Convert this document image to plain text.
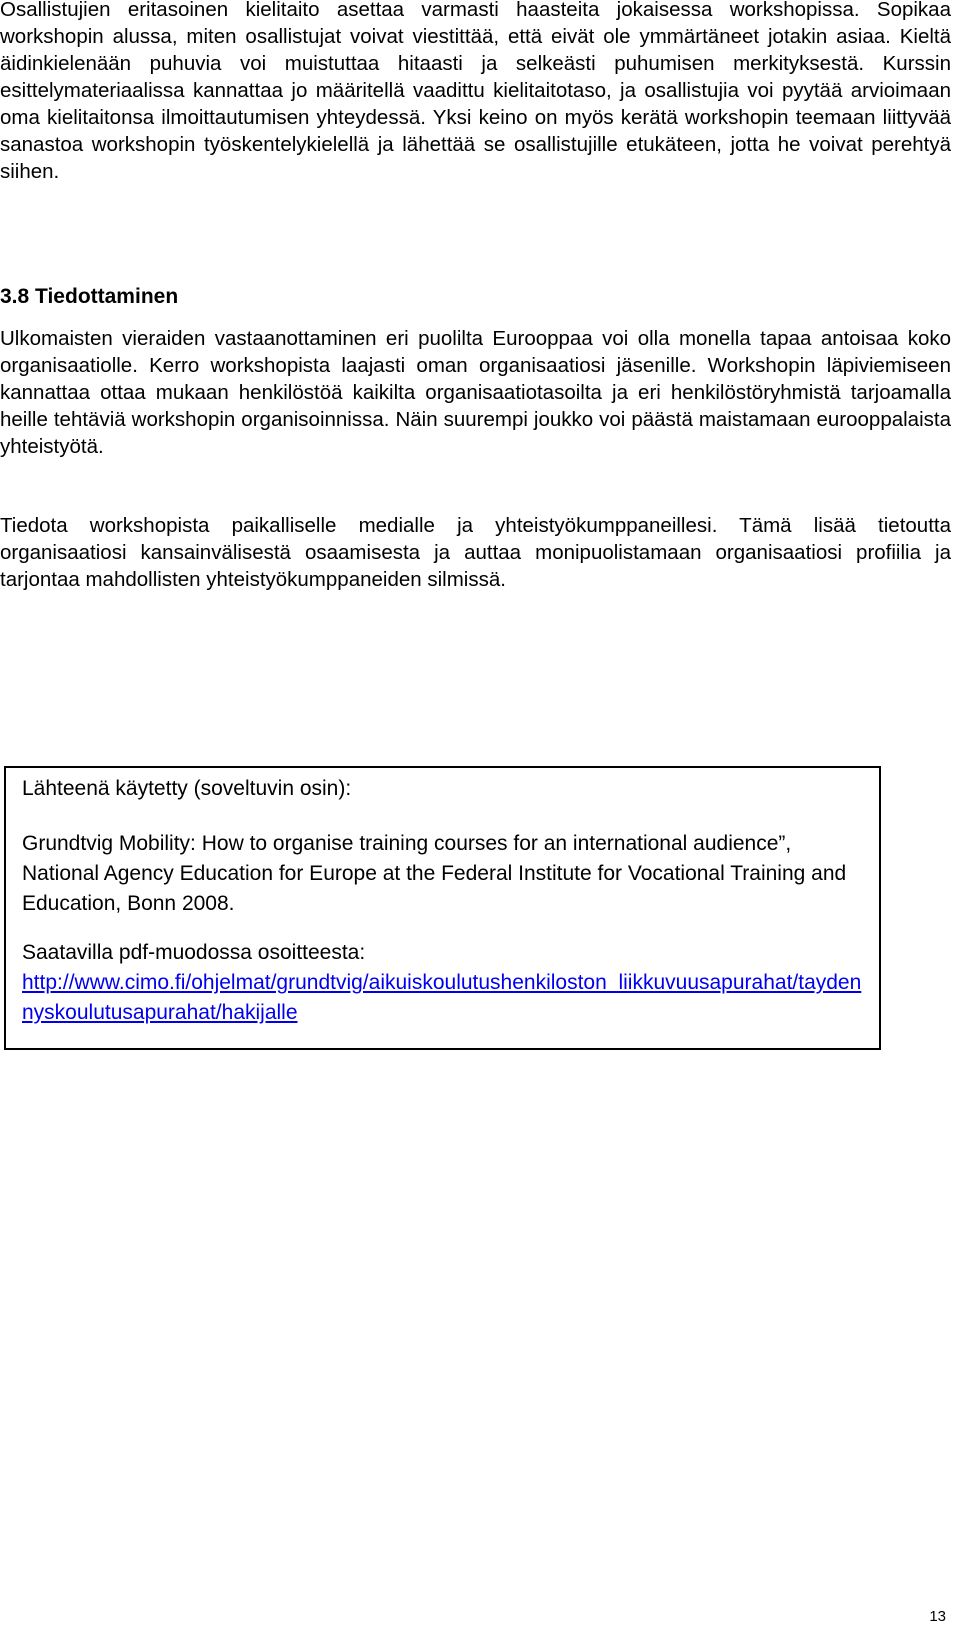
Osallistujien eritasoinen kielitaito asettaa varmasti haasteita jokaisessa workshopissa. Sopikaa workshopin alussa, miten osallistujat voivat viestittää, että eivät ole ymmärtäneet jotakin asiaa. Kieltä äidinkielenään puhuvia voi muistuttaa hitaasti ja selkeästi puhumisen merkityksestä. Kurssin esittelymateriaalissa kannattaa jo määritellä vaadittu kielitaitotaso, ja osallistujia voi pyytää arvioimaan oma kielitaitonsa ilmoittautumisen yhteydessä. Yksi keino on myös kerätä workshopin teemaan liittyvää sanastoa workshopin työskentelykielellä ja lähettää se osallistujille etukäteen, jotta he voivat perehtyä siihen.

3.8 Tiedottaminen

Ulkomaisten vieraiden vastaanottaminen eri puolilta Eurooppaa voi olla monella tapaa antoisaa koko organisaatiolle. Kerro workshopista laajasti oman organisaatiosi jäsenille. Workshopin läpiviemiseen kannattaa ottaa mukaan henkilöstöä kaikilta organisaatiotasoilta ja eri henkilöstöryhmistä tarjoamalla heille tehtäviä workshopin organisoinnissa. Näin suurempi joukko voi päästä maistamaan eurooppalaista yhteistyötä.

Tiedota workshopista paikalliselle medialle ja yhteistyökumppaneillesi. Tämä lisää tietoutta organisaatiosi kansainvälisestä osaamisesta ja auttaa monipuolistamaan organisaatiosi profiilia ja tarjontaa mahdollisten yhteistyökumppaneiden silmissä.

Lähteenä käytetty (soveltuvin osin):

Grundtvig Mobility: How to organise training courses for an international audience”, National Agency Education for Europe at the Federal Institute for Vocational Training and Education, Bonn 2008.

Saatavilla pdf-muodossa osoitteesta:
http://www.cimo.fi/ohjelmat/grundtvig/aikuiskoulutushenkiloston_liikkuvuusapurahat/taydennyskoulutusapurahat/hakijalle
13
